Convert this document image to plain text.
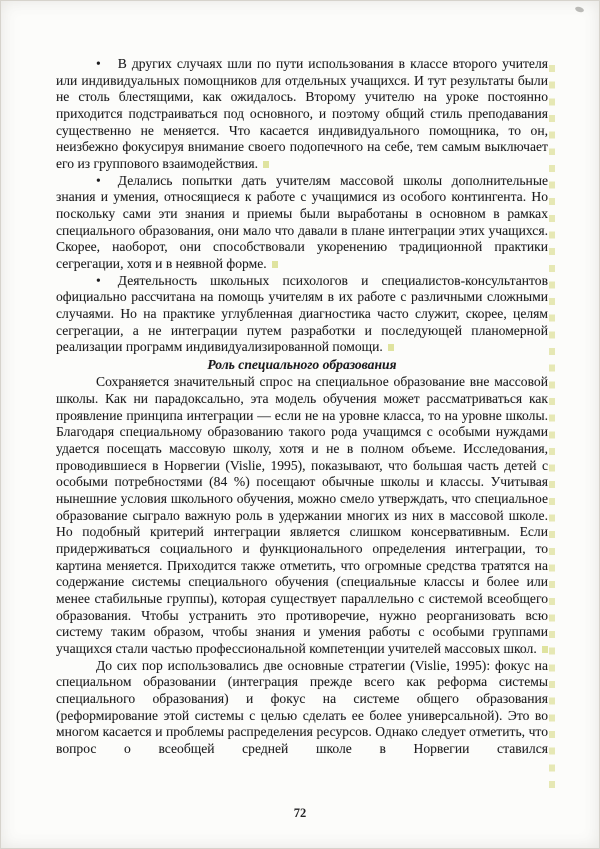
• В других случаях шли по пути использования в классе второго учителя или индивидуальных помощников для отдельных учащихся. И тут результаты были не столь блестящими, как ожидалось. Второму учителю на уроке постоянно приходится подстраиваться под основного, и поэтому общий стиль преподавания существенно не меняется. Что касается индивидуального помощника, то он, неизбежно фокусируя внимание своего подопечного на себе, тем самым выключает его из группового взаимодействия.

• Делались попытки дать учителям массовой школы дополнительные знания и умения, относящиеся к работе с учащимися из особого контингента. Но поскольку сами эти знания и приемы были выработаны в основном в рамках специального образования, они мало что давали в плане интеграции этих учащихся. Скорее, наоборот, они способствовали укоренению традиционной практики сегрегации, хотя и в неявной форме.

• Деятельность школьных психологов и специалистов-консультантов официально рассчитана на помощь учителям в их работе с различными сложными случаями. Но на практике углубленная диагностика часто служит, скорее, целям сегрегации, а не интеграции путем разработки и последующей планомерной реализации программ индивидуализированной помощи.

Роль специального образования

Сохраняется значительный спрос на специальное образование вне массовой школы. Как ни парадоксально, эта модель обучения может рассматриваться как проявление принципа интеграции — если не на уровне класса, то на уровне школы. Благодаря специальному образованию такого рода учащимся с особыми нуждами удается посещать массовую школу, хотя и не в полном объеме. Исследования, проводившиеся в Норвегии (Vislie, 1995), показывают, что большая часть детей с особыми потребностями (84 %) посещают обычные школы и классы. Учитывая нынешние условия школьного обучения, можно смело утверждать, что специальное образование сыграло важную роль в удержании многих из них в массовой школе. Но подобный критерий интеграции является слишком консервативным. Если придерживаться социального и функционального определения интеграции, то картина меняется. Приходится также отметить, что огромные средства тратятся на содержание системы специального обучения (специальные классы и более или менее стабильные группы), которая существует параллельно с системой всеобщего образования. Чтобы устранить это противоречие, нужно реорганизовать всю систему таким образом, чтобы знания и умения работы с особыми группами учащихся стали частью профессиональной компетенции учителей массовых школ.

До сих пор использовались две основные стратегии (Vislie, 1995): фокус на специальном образовании (интеграция прежде всего как реформа системы специального образования) и фокус на системе общего образования (реформирование этой системы с целью сделать ее более универсальной). Это во многом касается и проблемы распределения ресурсов. Однако следует отметить, что вопрос о всеобщей средней школе в Норвегии ставился

72
